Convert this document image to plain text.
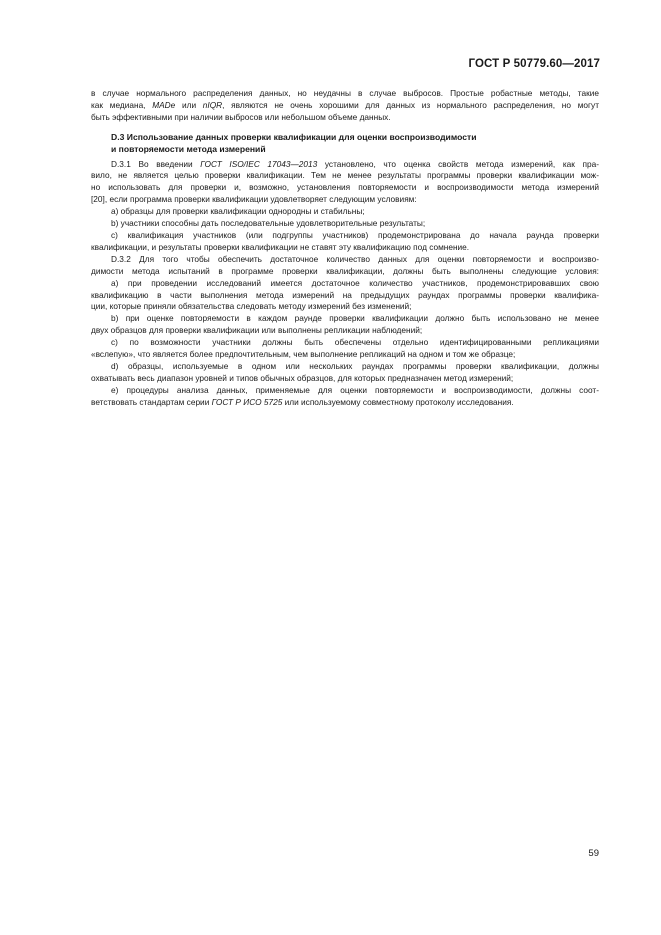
ГОСТ Р 50779.60—2017
в случае нормального распределения данных, но неудачны в случае выбросов. Простые робастные методы, такие
как медиана, MADe или nIQR, являются не очень хорошими для данных из нормального распределения, но могут
быть эффективными при наличии выбросов или небольшом объеме данных.
D.3 Использование данных проверки квалификации для оценки воспроизводимости
и повторяемости метода измерений
D.3.1 Во введении ГОСТ ISO/IEC 17043—2013 установлено, что оценка свойств метода измерений, как пра-
вило, не является целью проверки квалификации. Тем не менее результаты программы проверки квалификации мож-
но использовать для проверки и, возможно, установления повторяемости и воспроизводимости метода измерений
[20], если программа проверки квалификации удовлетворяет следующим условиям:
а) образцы для проверки квалификации однородны и стабильны;
b) участники способны дать последовательные удовлетворительные результаты;
с) квалификация участников (или подгруппы участников) продемонстрирована до начала раунда проверки
квалификации, и результаты проверки квалификации не ставят эту квалификацию под сомнение.
D.3.2 Для того чтобы обеспечить достаточное количество данных для оценки повторяемости и воспроизво-
димости метода испытаний в программе проверки квалификации, должны быть выполнены следующие условия:
а) при проведении исследований имеется достаточное количество участников, продемонстрировавших свою
квалификацию в части выполнения метода измерений на предыдущих раундах программы проверки квалифика-
ции, которые приняли обязательства следовать методу измерений без изменений;
b) при оценке повторяемости в каждом раунде проверки квалификации должно быть использовано не менее
двух образцов для проверки квалификации или выполнены репликации наблюдений;
с) по возможности участники должны быть обеспечены отдельно идентифицированными репликациями
«вслепую», что является более предпочтительным, чем выполнение репликаций на одном и том же образце;
d) образцы, используемые в одном или нескольких раундах программы проверки квалификации, должны
охватывать весь диапазон уровней и типов обычных образцов, для которых предназначен метод измерений;
е) процедуры анализа данных, применяемые для оценки повторяемости и воспроизводимости, должны соот-
ветствовать стандартам серии ГОСТ Р ИСО 5725 или используемому совместному протоколу исследования.
59
